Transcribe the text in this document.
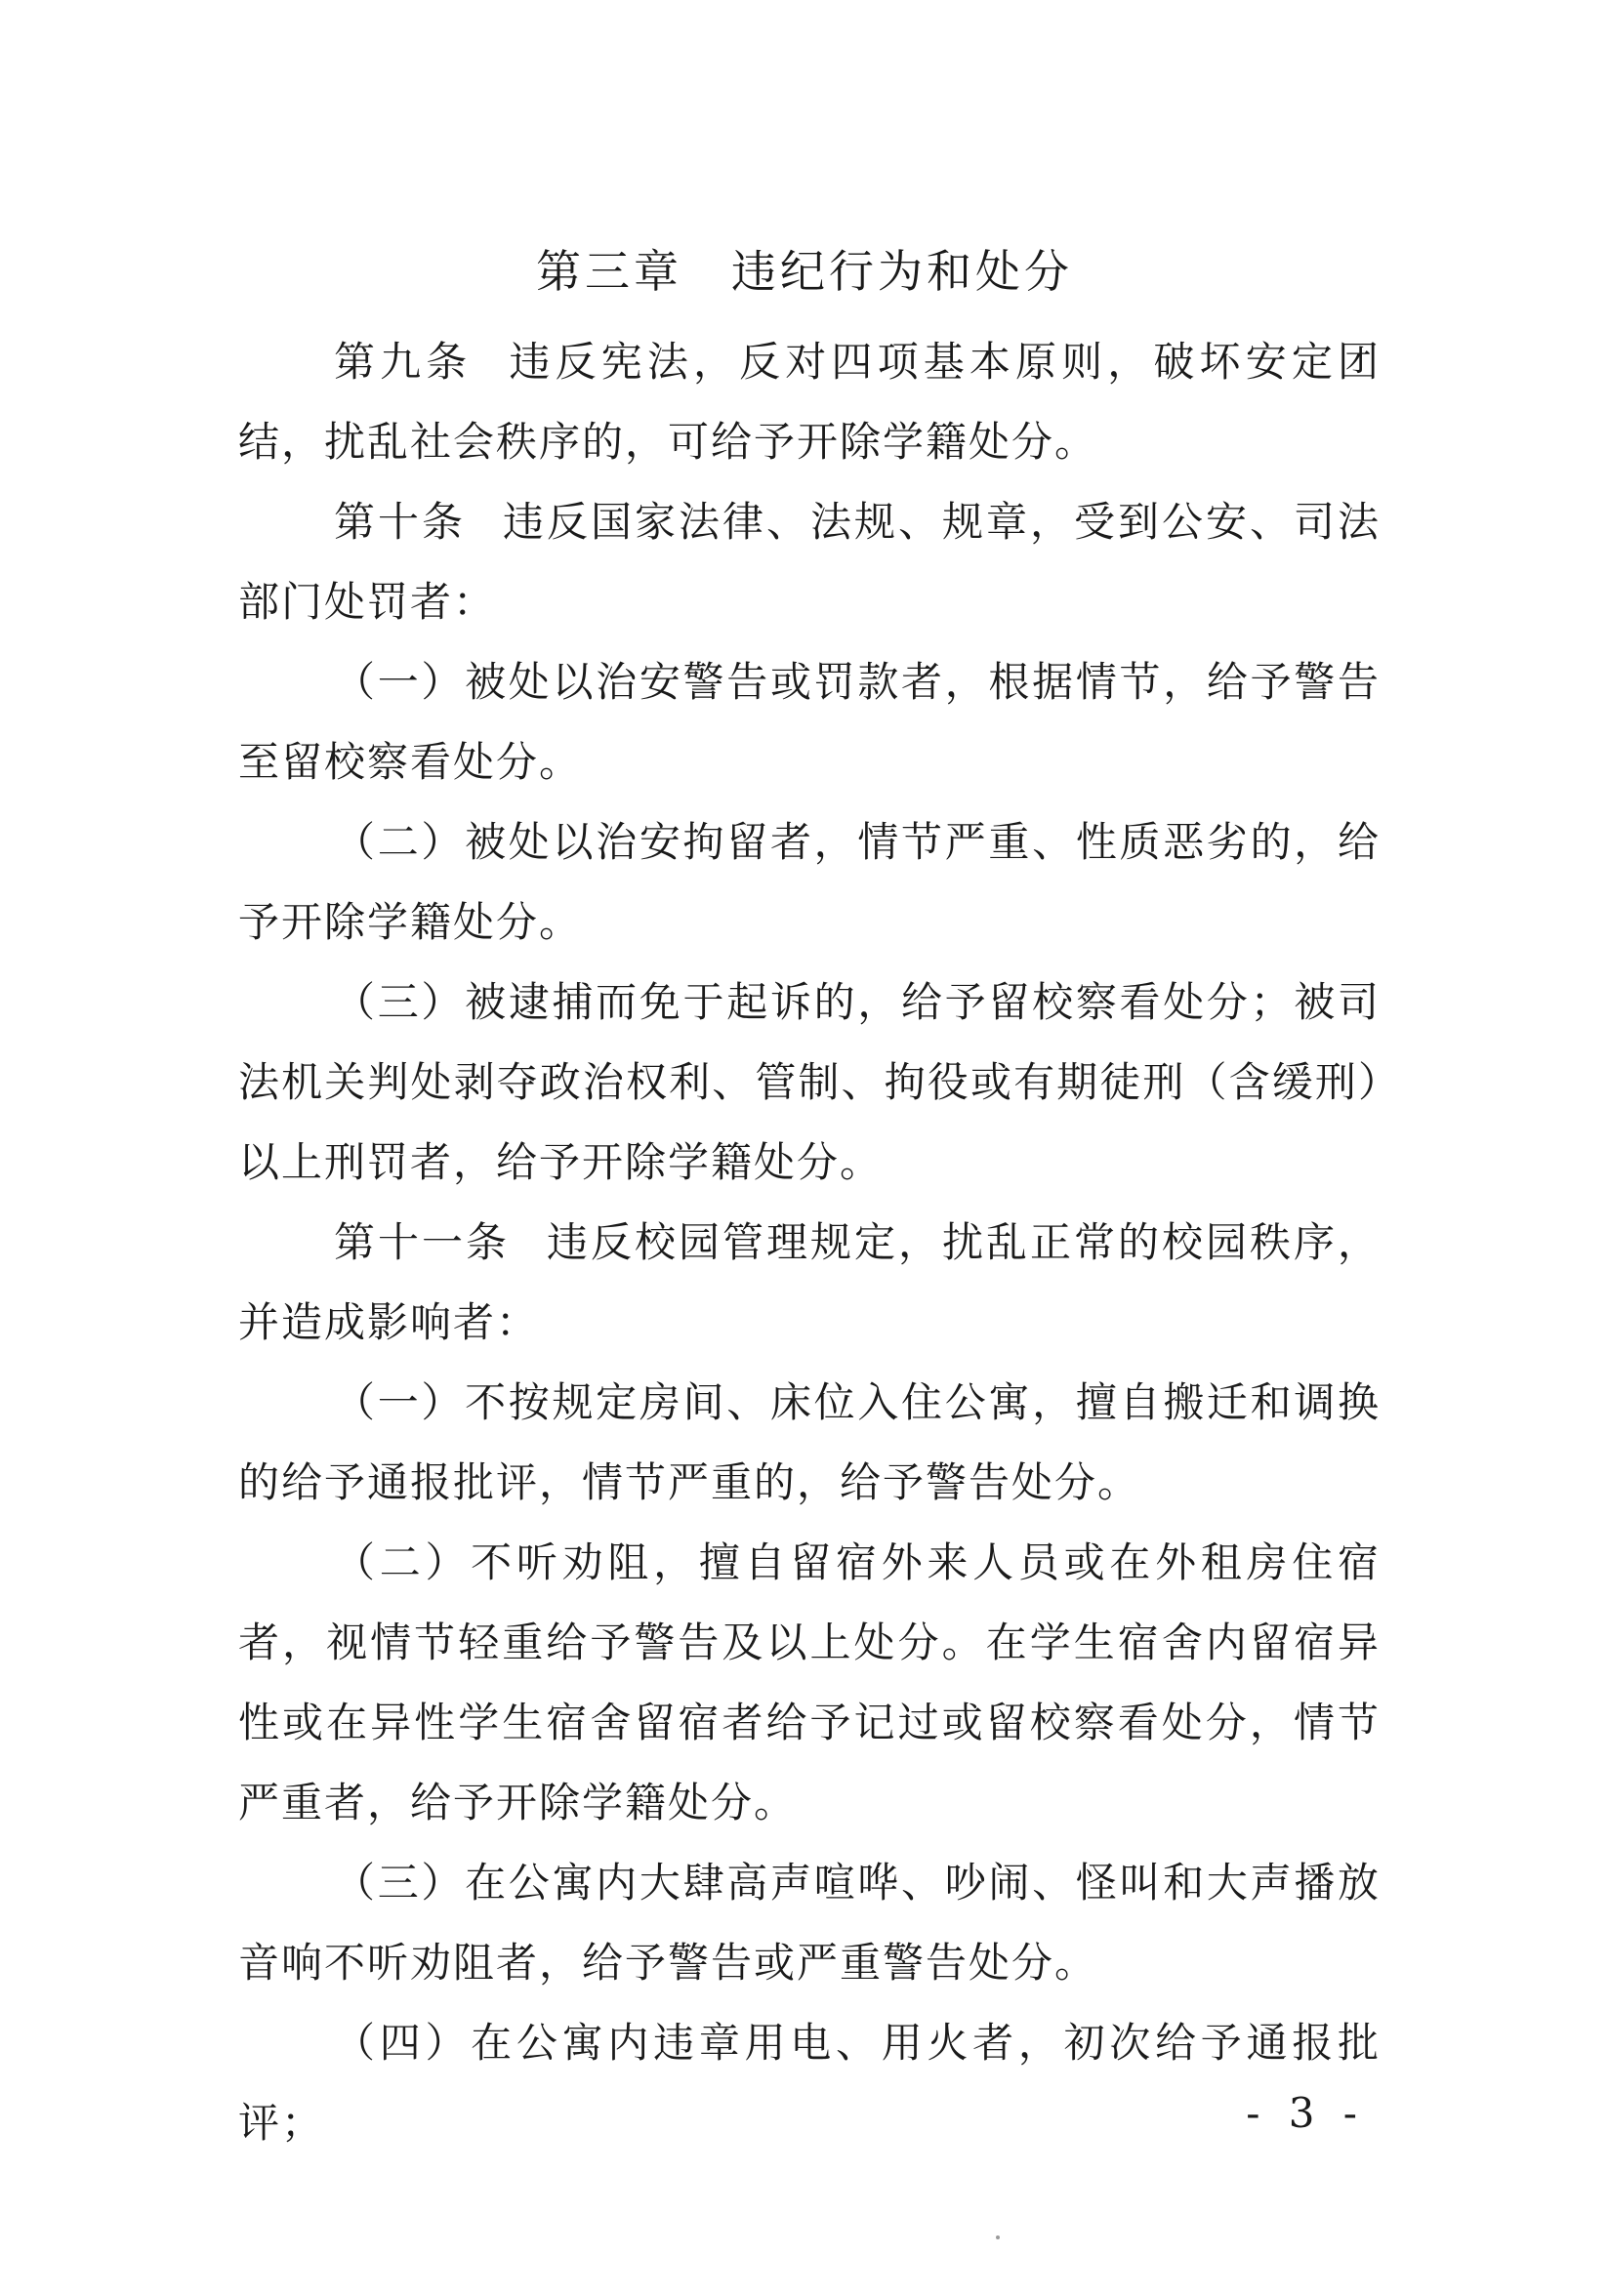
第三章　违纪行为和处分

第九条 违反宪法，反对四项基本原则，破坏安定团结，扰乱社会秩序的，可给予开除学籍处分。

第十条 违反国家法律、法规、规章，受到公安、司法部门处罚者：

（一）被处以治安警告或罚款者，根据情节，给予警告至留校察看处分。

（二）被处以治安拘留者，情节严重、性质恶劣的，给予开除学籍处分。

（三）被逮捕而免于起诉的，给予留校察看处分；被司法机关判处剥夺政治权利、管制、拘役或有期徒刑（含缓刑）以上刑罚者，给予开除学籍处分。

第十一条 违反校园管理规定，扰乱正常的校园秩序，并造成影响者：

（一）不按规定房间、床位入住公寓，擅自搬迁和调换的给予通报批评，情节严重的，给予警告处分。

（二）不听劝阻，擅自留宿外来人员或在外租房住宿者，视情节轻重给予警告及以上处分。在学生宿舍内留宿异性或在异性学生宿舍留宿者给予记过或留校察看处分，情节严重者，给予开除学籍处分。

（三）在公寓内大肆高声喧哗、吵闹、怪叫和大声播放音响不听劝阻者，给予警告或严重警告处分。

（四）在公寓内违章用电、用火者，初次给予通报批评；	- 3 -
